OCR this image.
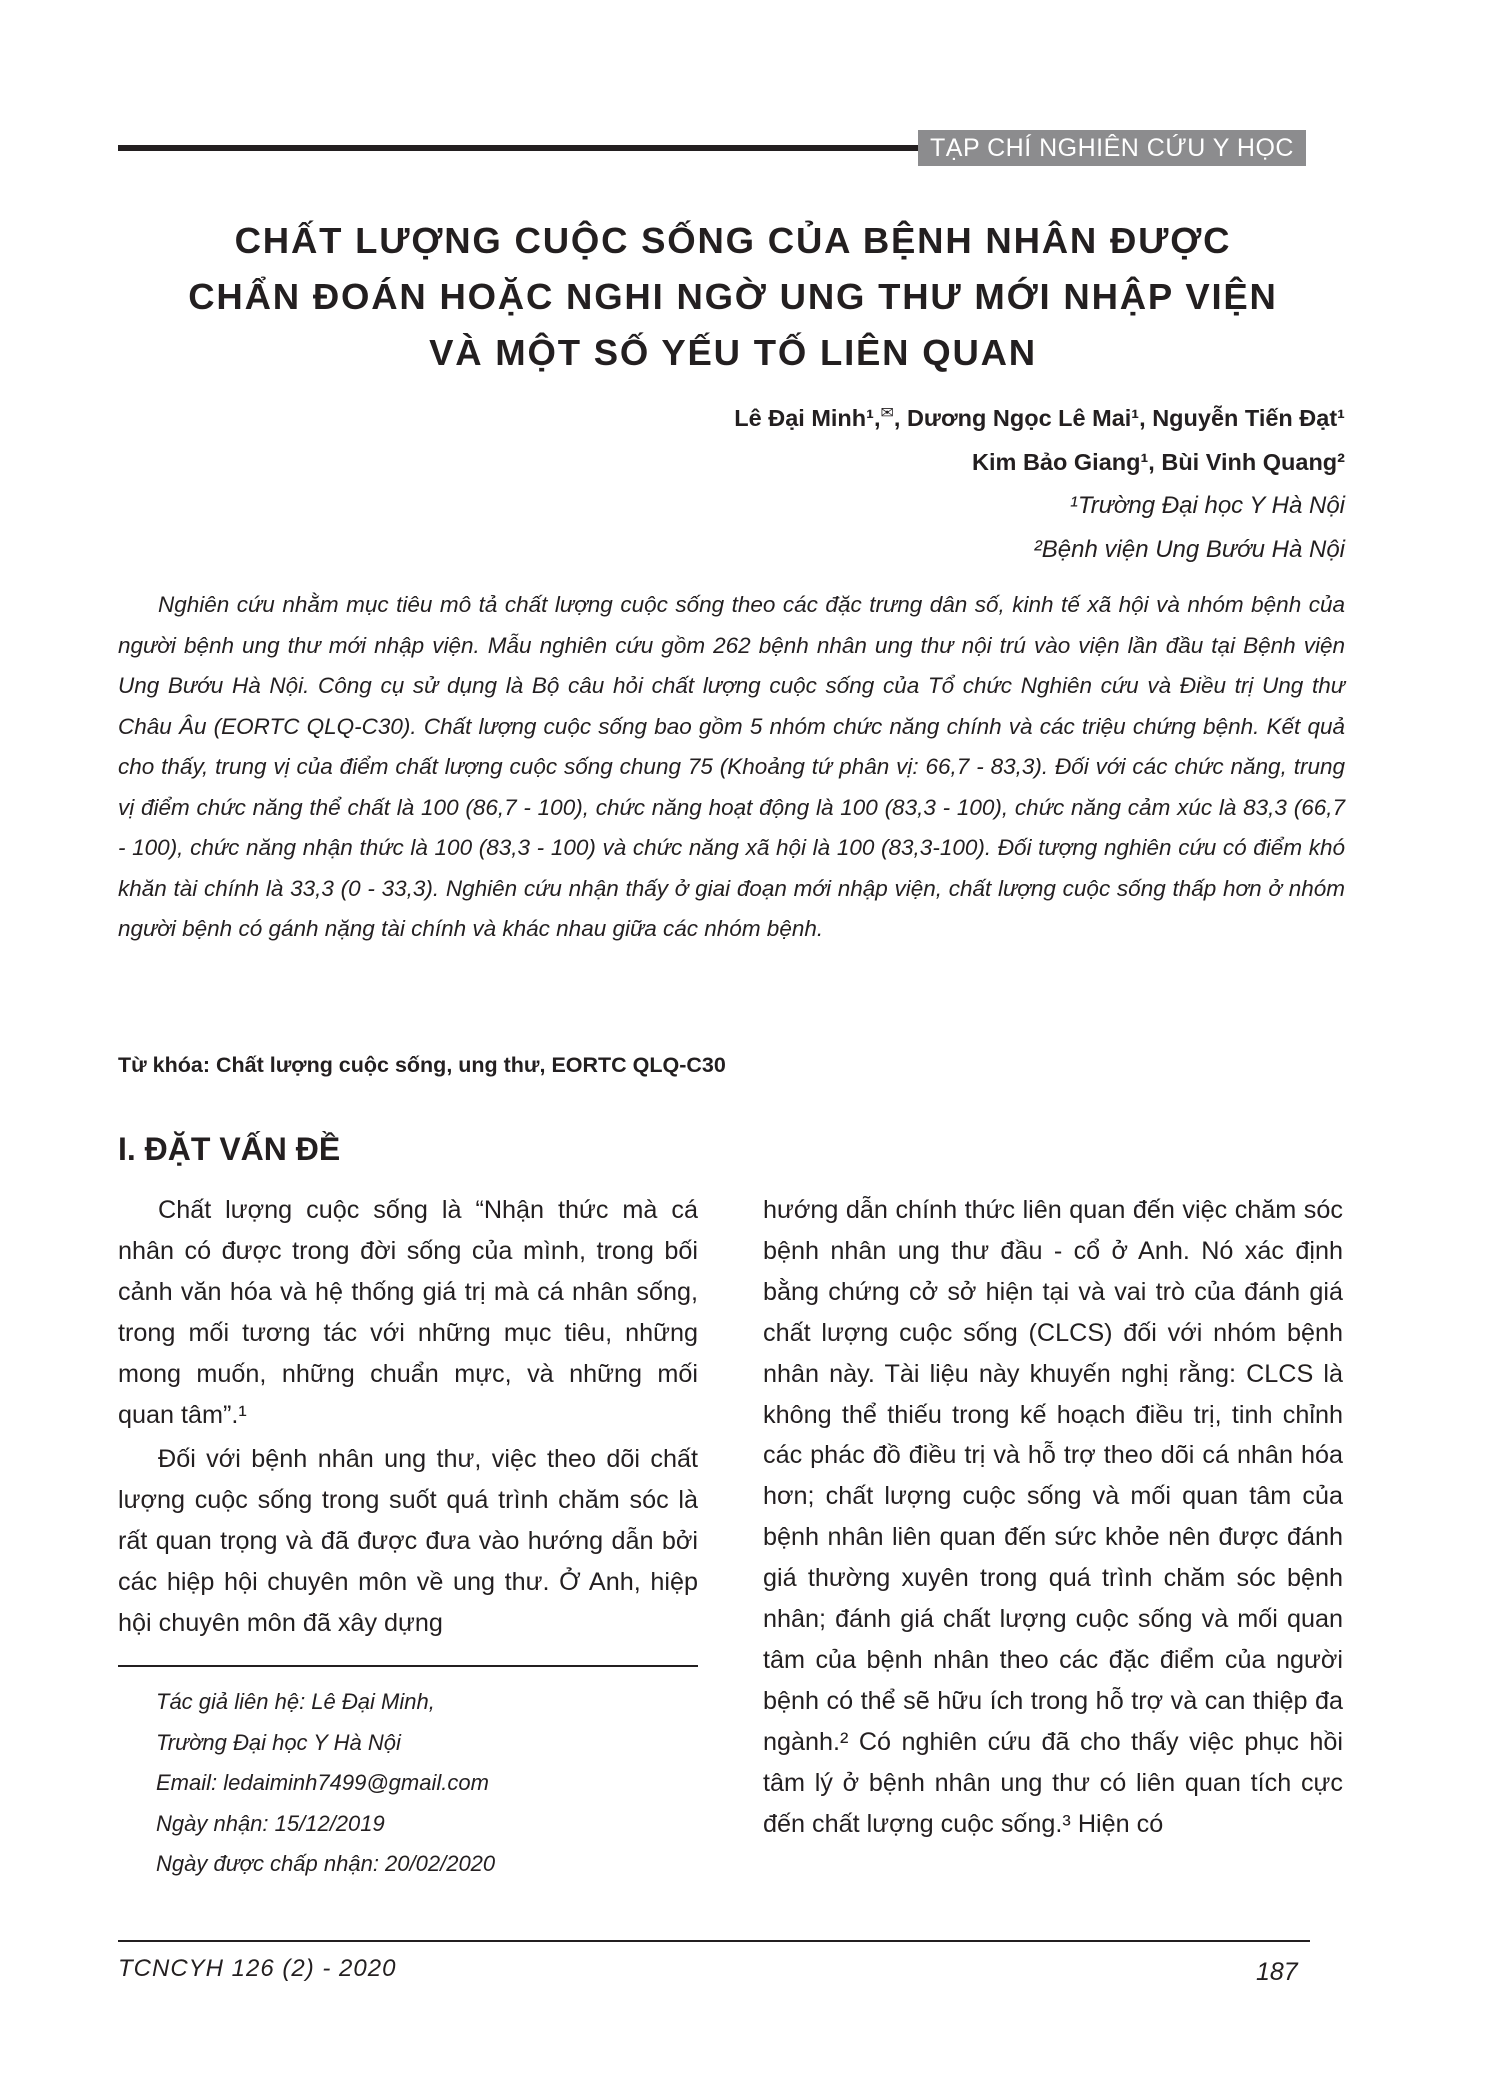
TẠP CHÍ NGHIÊN CỨU Y HỌC
CHẤT LƯỢNG CUỘC SỐNG CỦA BỆNH NHÂN ĐƯỢC
CHẨN ĐOÁN HOẶC NGHI NGỜ UNG THƯ MỚI NHẬP VIỆN
VÀ MỘT SỐ YẾU TỐ LIÊN QUAN
Lê Đại Minh¹,✉, Dương Ngọc Lê Mai¹, Nguyễn Tiến Đạt¹
Kim Bảo Giang¹, Bùi Vinh Quang²
¹Trường Đại học Y Hà Nội
²Bệnh viện Ung Bướu Hà Nội

Nghiên cứu nhằm mục tiêu mô tả chất lượng cuộc sống theo các đặc trưng dân số, kinh tế xã hội và nhóm bệnh của người bệnh ung thư mới nhập viện. Mẫu nghiên cứu gồm 262 bệnh nhân ung thư nội trú vào viện lần đầu tại Bệnh viện Ung Bướu Hà Nội. Công cụ sử dụng là Bộ câu hỏi chất lượng cuộc sống của Tổ chức Nghiên cứu và Điều trị Ung thư Châu Âu (EORTC QLQ-C30). Chất lượng cuộc sống bao gồm 5 nhóm chức năng chính và các triệu chứng bệnh. Kết quả cho thấy, trung vị của điểm chất lượng cuộc sống chung 75 (Khoảng tứ phân vị: 66,7 - 83,3). Đối với các chức năng, trung vị điểm chức năng thể chất là 100 (86,7 - 100), chức năng hoạt động là 100 (83,3 - 100), chức năng cảm xúc là 83,3 (66,7 - 100), chức năng nhận thức là 100 (83,3 - 100) và chức năng xã hội là 100 (83,3-100). Đối tượng nghiên cứu có điểm khó khăn tài chính là 33,3 (0 - 33,3). Nghiên cứu nhận thấy ở giai đoạn mới nhập viện, chất lượng cuộc sống thấp hơn ở nhóm người bệnh có gánh nặng tài chính và khác nhau giữa các nhóm bệnh.

Từ khóa: Chất lượng cuộc sống, ung thư, EORTC QLQ-C30
I. ĐẶT VẤN ĐỀ

Chất lượng cuộc sống là “Nhận thức mà cá nhân có được trong đời sống của mình, trong bối cảnh văn hóa và hệ thống giá trị mà cá nhân sống, trong mối tương tác với những mục tiêu, những mong muốn, những chuẩn mực, và những mối quan tâm”.¹

Đối với bệnh nhân ung thư, việc theo dõi chất lượng cuộc sống trong suốt quá trình chăm sóc là rất quan trọng và đã được đưa vào hướng dẫn bởi các hiệp hội chuyên môn về ung thư. Ở Anh, hiệp hội chuyên môn đã xây dựng

hướng dẫn chính thức liên quan đến việc chăm sóc bệnh nhân ung thư đầu - cổ ở Anh. Nó xác định bằng chứng cở sở hiện tại và vai trò của đánh giá chất lượng cuộc sống (CLCS) đối với nhóm bệnh nhân này. Tài liệu này khuyến nghị rằng: CLCS là không thể thiếu trong kế hoạch điều trị, tinh chỉnh các phác đồ điều trị và hỗ trợ theo dõi cá nhân hóa hơn; chất lượng cuộc sống và mối quan tâm của bệnh nhân liên quan đến sức khỏe nên được đánh giá thường xuyên trong quá trình chăm sóc bệnh nhân; đánh giá chất lượng cuộc sống và mối quan tâm của bệnh nhân theo các đặc điểm của người bệnh có thể sẽ hữu ích trong hỗ trợ và can thiệp đa ngành.² Có nghiên cứu đã cho thấy việc phục hồi tâm lý ở bệnh nhân ung thư có liên quan tích cực đến chất lượng cuộc sống.³ Hiện có

Tác giả liên hệ: Lê Đại Minh,
Trường Đại học Y Hà Nội
Email: ledaiminh7499@gmail.com
Ngày nhận: 15/12/2019
Ngày được chấp nhận: 20/02/2020
TCNCYH 126 (2) - 2020	187
